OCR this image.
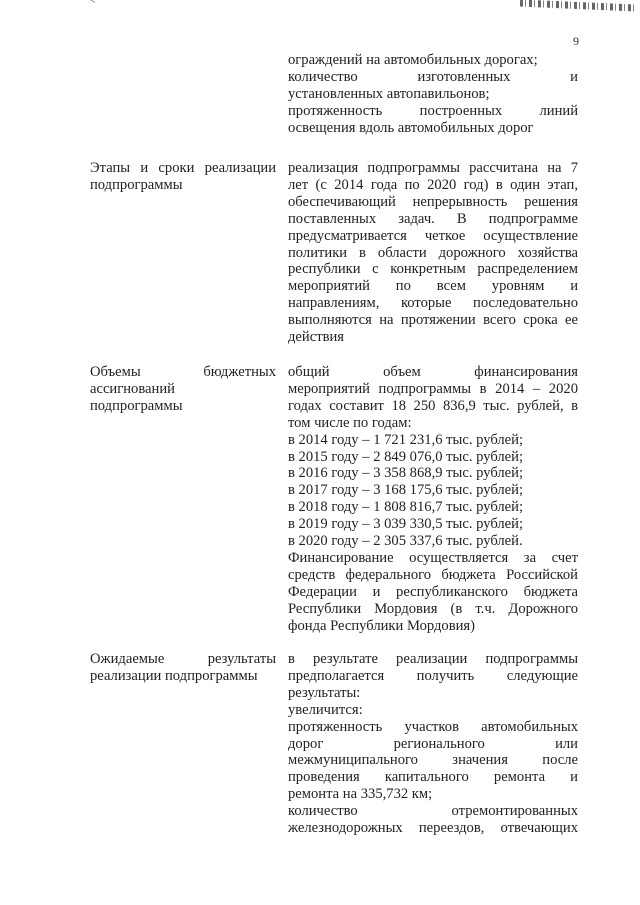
9
ограждений на автомобильных дорогах;
количество изготовленных и
установленных автопавильонов;
протяженность построенных линий
освещения вдоль автомобильных дорог
Этапы и сроки реализации
подпрограммы
реализация подпрограммы рассчитана на 7
лет (с 2014 года по 2020 год) в один этап,
обеспечивающий непрерывность решения
поставленных задач. В подпрограмме
предусматривается четкое осуществление
политики в области дорожного хозяйства
республики с конкретным распределением
мероприятий по всем уровням и
направлениям, которые последовательно
выполняются на протяжении всего срока ее
действия
Объемы бюджетных
ассигнований
подпрограммы
общий объем финансирования
мероприятий подпрограммы в 2014 – 2020
годах составит 18 250 836,9 тыс. рублей, в
том числе по годам:
в 2014 году – 1 721 231,6 тыс. рублей;
в 2015 году – 2 849 076,0 тыс. рублей;
в 2016 году – 3 358 868,9 тыс. рублей;
в 2017 году – 3 168 175,6 тыс. рублей;
в 2018 году – 1 808 816,7 тыс. рублей;
в 2019 году – 3 039 330,5 тыс. рублей;
в 2020 году – 2 305 337,6 тыс. рублей.
Финансирование осуществляется за счет
средств федерального бюджета Российской
Федерации и республиканского бюджета
Республики Мордовия (в т.ч. Дорожного
фонда Республики Мордовия)
Ожидаемые результаты
реализации подпрограммы
в результате реализации подпрограммы
предполагается получить следующие
результаты:
увеличится:
протяженность участков автомобильных
дорог регионального или
межмуниципального значения после
проведения капитального ремонта и
ремонта на 335,732 км;
количество отремонтированных
железнодорожных переездов, отвечающих
